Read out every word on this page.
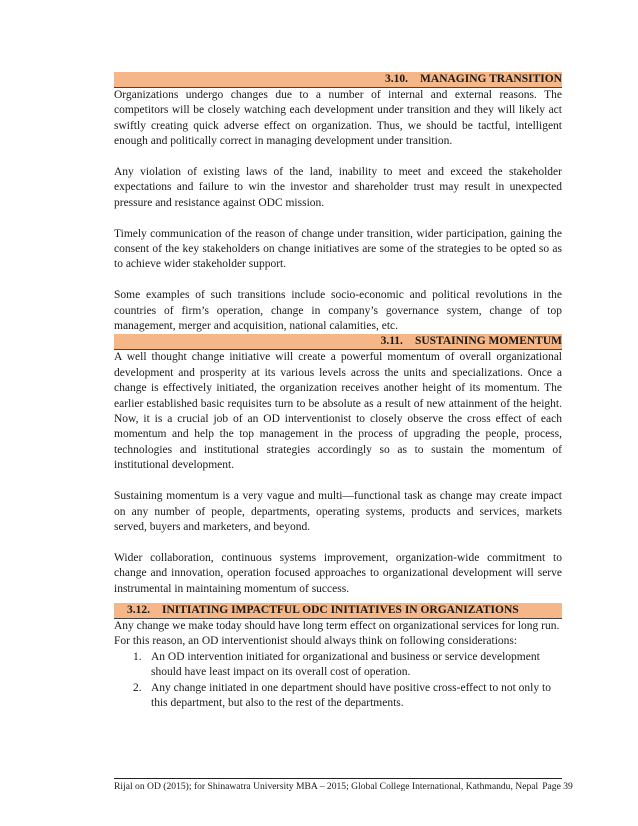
3.10. MANAGING TRANSITION

Organizations undergo changes due to a number of internal and external reasons. The competitors will be closely watching each development under transition and they will likely act swiftly creating quick adverse effect on organization. Thus, we should be tactful, intelligent enough and politically correct in managing development under transition.

Any violation of existing laws of the land, inability to meet and exceed the stakeholder expectations and failure to win the investor and shareholder trust may result in unexpected pressure and resistance against ODC mission.

Timely communication of the reason of change under transition, wider participation, gaining the consent of the key stakeholders on change initiatives are some of the strategies to be opted so as to achieve wider stakeholder support.

Some examples of such transitions include socio-economic and political revolutions in the countries of firm’s operation, change in company’s governance system, change of top management, merger and acquisition, national calamities, etc.

3.11. SUSTAINING MOMENTUM

A well thought change initiative will create a powerful momentum of overall organizational development and prosperity at its various levels across the units and specializations. Once a change is effectively initiated, the organization receives another height of its momentum. The earlier established basic requisites turn to be absolute as a result of new attainment of the height. Now, it is a crucial job of an OD interventionist to closely observe the cross effect of each momentum and help the top management in the process of upgrading the people, process, technologies and institutional strategies accordingly so as to sustain the momentum of institutional development.

Sustaining momentum is a very vague and multi—functional task as change may create impact on any number of people, departments, operating systems, products and services, markets served, buyers and marketers, and beyond.

Wider collaboration, continuous systems improvement, organization-wide commitment to change and innovation, operation focused approaches to organizational development will serve instrumental in maintaining momentum of success.

3.12. INITIATING IMPACTFUL ODC INITIATIVES IN ORGANIZATIONS

Any change we make today should have long term effect on organizational services for long run. For this reason, an OD interventionist should always think on following considerations:

1. An OD intervention initiated for organizational and business or service development should have least impact on its overall cost of operation.
2. Any change initiated in one department should have positive cross-effect to not only to this department, but also to the rest of the departments.
Rijal on OD (2015); for Shinawatra University MBA – 2015; Global College International, Kathmandu, Nepal Page 39
